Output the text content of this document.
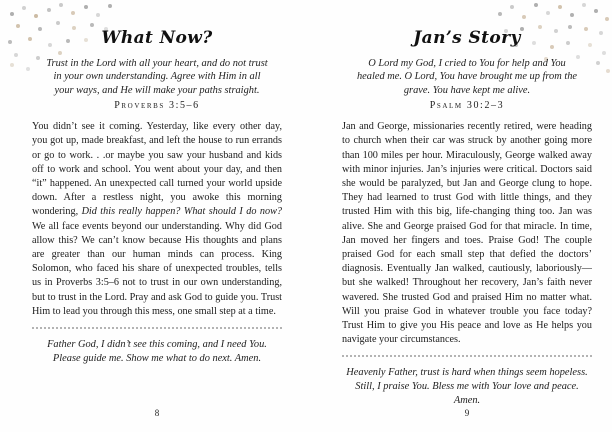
What Now?
Trust in the Lord with all your heart, and do not trust in your own understanding. Agree with Him in all your ways, and He will make your paths straight.
Proverbs 3:5–6
You didn’t see it coming. Yesterday, like every other day, you got up, made breakfast, and left the house to run errands or go to work. . .or maybe you saw your husband and kids off to work and school. You went about your day, and then “it” happened. An unexpected call turned your world upside down. After a restless night, you awoke this morning wondering, Did this really happen? What should I do now? We all face events beyond our understanding. Why did God allow this? We can’t know because His thoughts and plans are greater than our human minds can process. King Solomon, who faced his share of unexpected troubles, tells us in Proverbs 3:5–6 not to trust in our own understanding, but to trust in the Lord. Pray and ask God to guide you. Trust Him to lead you through this mess, one small step at a time.
Father God, I didn’t see this coming, and I need You. Please guide me. Show me what to do next. Amen.
Jan’s Story
O Lord my God, I cried to You for help and You healed me. O Lord, You have brought me up from the grave. You have kept me alive.
Psalm 30:2–3
Jan and George, missionaries recently retired, were heading to church when their car was struck by another going more than 100 miles per hour. Miraculously, George walked away with minor injuries. Jan’s injuries were critical. Doctors said she would be paralyzed, but Jan and George clung to hope. They had learned to trust God with little things, and they trusted Him with this big, life-changing thing too. Jan was alive. She and George praised God for that miracle. In time, Jan moved her fingers and toes. Praise God! The couple praised God for each small step that defied the doctors’ diagnosis. Eventually Jan walked, cautiously, laboriously—but she walked! Throughout her recovery, Jan’s faith never wavered. She trusted God and praised Him no matter what. Will you praise God in whatever trouble you face today? Trust Him to give you His peace and love as He helps you navigate your circumstances.
Heavenly Father, trust is hard when things seem hopeless. Still, I praise You. Bless me with Your love and peace. Amen.
8	9
